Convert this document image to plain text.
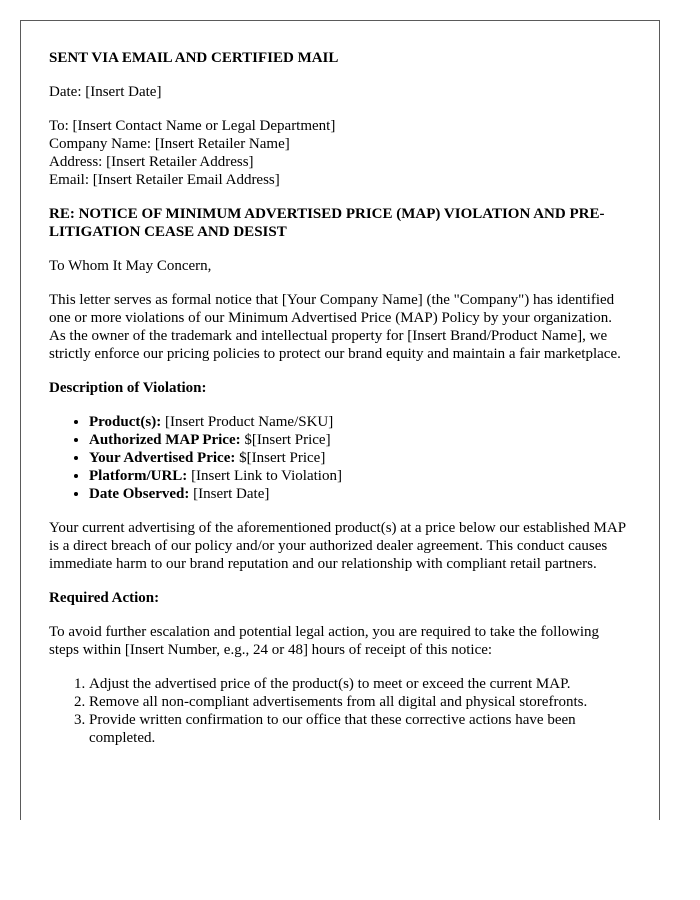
SENT VIA EMAIL AND CERTIFIED MAIL

Date: [Insert Date]

To: [Insert Contact Name or Legal Department]
Company Name: [Insert Retailer Name]
Address: [Insert Retailer Address]
Email: [Insert Retailer Email Address]

RE: NOTICE OF MINIMUM ADVERTISED PRICE (MAP) VIOLATION AND PRE-LITIGATION CEASE AND DESIST

To Whom It May Concern,

This letter serves as formal notice that [Your Company Name] (the "Company") has identified one or more violations of our Minimum Advertised Price (MAP) Policy by your organization. As the owner of the trademark and intellectual property for [Insert Brand/Product Name], we strictly enforce our pricing policies to protect our brand equity and maintain a fair marketplace.

Description of Violation:

• Product(s): [Insert Product Name/SKU]
• Authorized MAP Price: $[Insert Price]
• Your Advertised Price: $[Insert Price]
• Platform/URL: [Insert Link to Violation]
• Date Observed: [Insert Date]

Your current advertising of the aforementioned product(s) at a price below our established MAP is a direct breach of our policy and/or your authorized dealer agreement. This conduct causes immediate harm to our brand reputation and our relationship with compliant retail partners.

Required Action:

To avoid further escalation and potential legal action, you are required to take the following steps within [Insert Number, e.g., 24 or 48] hours of receipt of this notice:

1. Adjust the advertised price of the product(s) to meet or exceed the current MAP.
2. Remove all non-compliant advertisements from all digital and physical storefronts.
3. Provide written confirmation to our office that these corrective actions have been completed.
